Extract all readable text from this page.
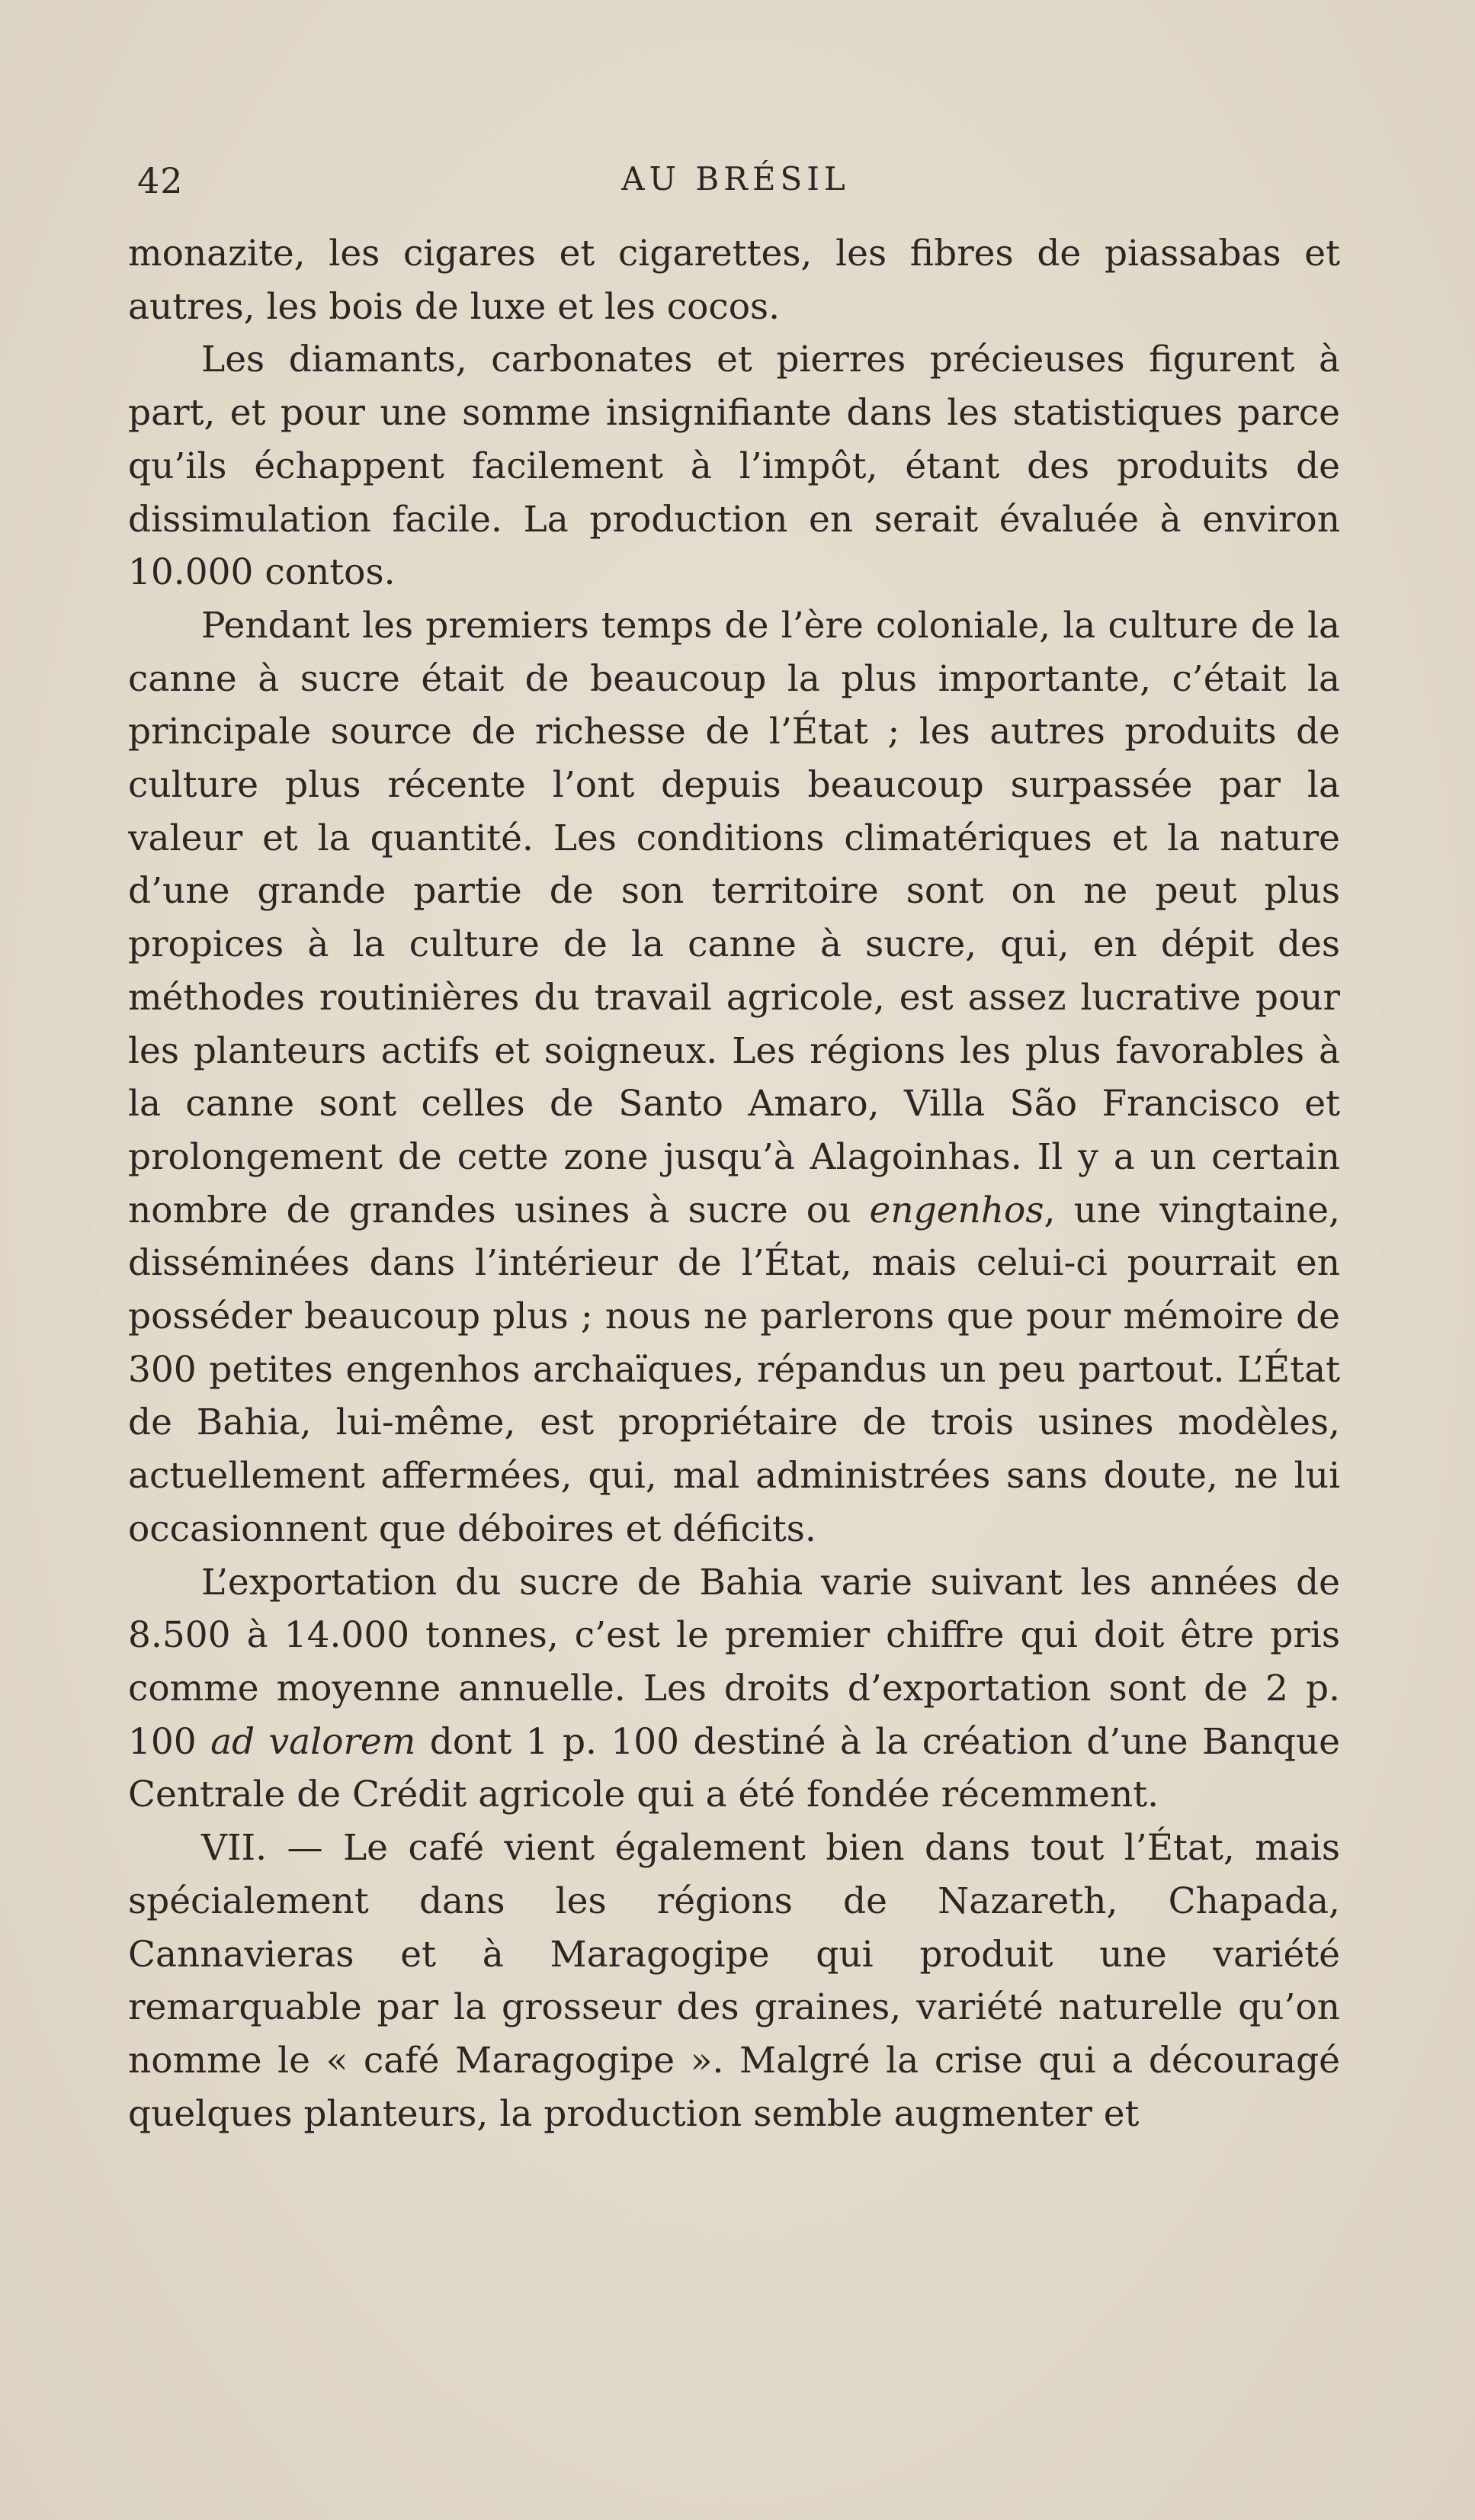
42	AU BRÉSIL

monazite, les cigares et cigarettes, les fibres de piassabas et autres, les bois de luxe et les cocos.

Les diamants, carbonates et pierres précieuses figurent à part, et pour une somme insignifiante dans les statistiques parce qu’ils échappent facilement à l’impôt, étant des produits de dissimulation facile. La production en serait évaluée à environ 10.000 contos.

Pendant les premiers temps de l’ère coloniale, la culture de la canne à sucre était de beaucoup la plus importante, c’était la principale source de richesse de l’État ; les autres produits de culture plus récente l’ont depuis beaucoup surpassée par la valeur et la quantité. Les conditions climatériques et la nature d’une grande partie de son territoire sont on ne peut plus propices à la culture de la canne à sucre, qui, en dépit des méthodes routinières du travail agricole, est assez lucrative pour les planteurs actifs et soigneux. Les régions les plus favorables à la canne sont celles de Santo Amaro, Villa São Francisco et prolongement de cette zone jusqu’à Alagoinhas. Il y a un certain nombre de grandes usines à sucre ou engenhos, une vingtaine, disséminées dans l’intérieur de l’État, mais celui-ci pourrait en posséder beaucoup plus ; nous ne parlerons que pour mémoire de 300 petites engenhos archaïques, répandus un peu partout. L’État de Bahia, lui-même, est propriétaire de trois usines modèles, actuellement affermées, qui, mal administrées sans doute, ne lui occasionnent que déboires et déficits.

L’exportation du sucre de Bahia varie suivant les années de 8.500 à 14.000 tonnes, c’est le premier chiffre qui doit être pris comme moyenne annuelle. Les droits d’exportation sont de 2 p. 100 ad valorem dont 1 p. 100 destiné à la création d’une Banque Centrale de Crédit agricole qui a été fondée récemment.

VII. — Le café vient également bien dans tout l’État, mais spécialement dans les régions de Nazareth, Chapada, Cannavieras et à Maragogipe qui produit une variété remarquable par la grosseur des graines, variété naturelle qu’on nomme le « café Maragogipe ». Malgré la crise qui a découragé quelques planteurs, la production semble augmenter et
